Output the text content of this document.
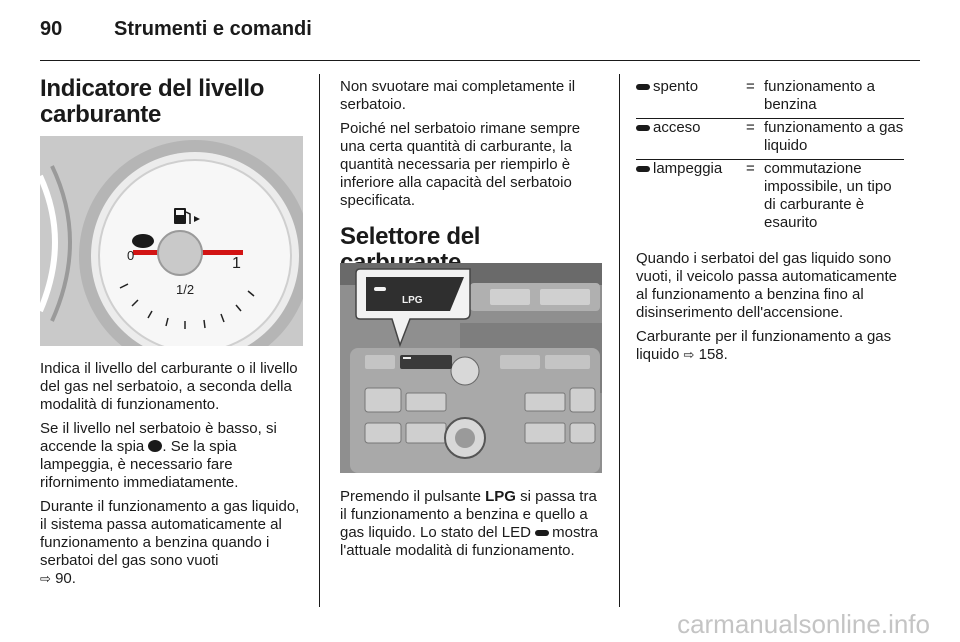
90	Strumenti e comandi
Indicatore del livello carburante
0	1
1/2

Indica il livello del carburante o il livello del gas nel serbatoio, a seconda della modalità di funzionamento.

Se il livello nel serbatoio è basso, si accende la spia . Se la spia lampeggia, è necessario fare rifornimento immediatamente.

Durante il funzionamento a gas liquido, il sistema passa automaticamente al funzionamento a benzina quando i serbatoi del gas sono vuoti
⇨ 90.

Non svuotare mai completamente il serbatoio.

Poiché nel serbatoio rimane sempre una certa quantità di carburante, la quantità necessaria per riempirlo è inferiore alla capacità del serbatoio specificata.

Selettore del
LPG

Premendo il pulsante LPG si passa tra il funzionamento a benzina e quello a gas liquido. Lo stato del LED mostra l'attuale modalità di funzionamento.

spento	=	funzionamento a benzina
acceso	=	funzionamento a gas liquido
lampeggia	=	commutazione impossibile, un tipo di carburante è esaurito

Quando i serbatoi del gas liquido sono vuoti, il veicolo passa automaticamente al funzionamento a benzina fino al disinserimento dell'accensione.

Carburante per il funzionamento a gas liquido ⇨ 158.

carmanualsonline.info
